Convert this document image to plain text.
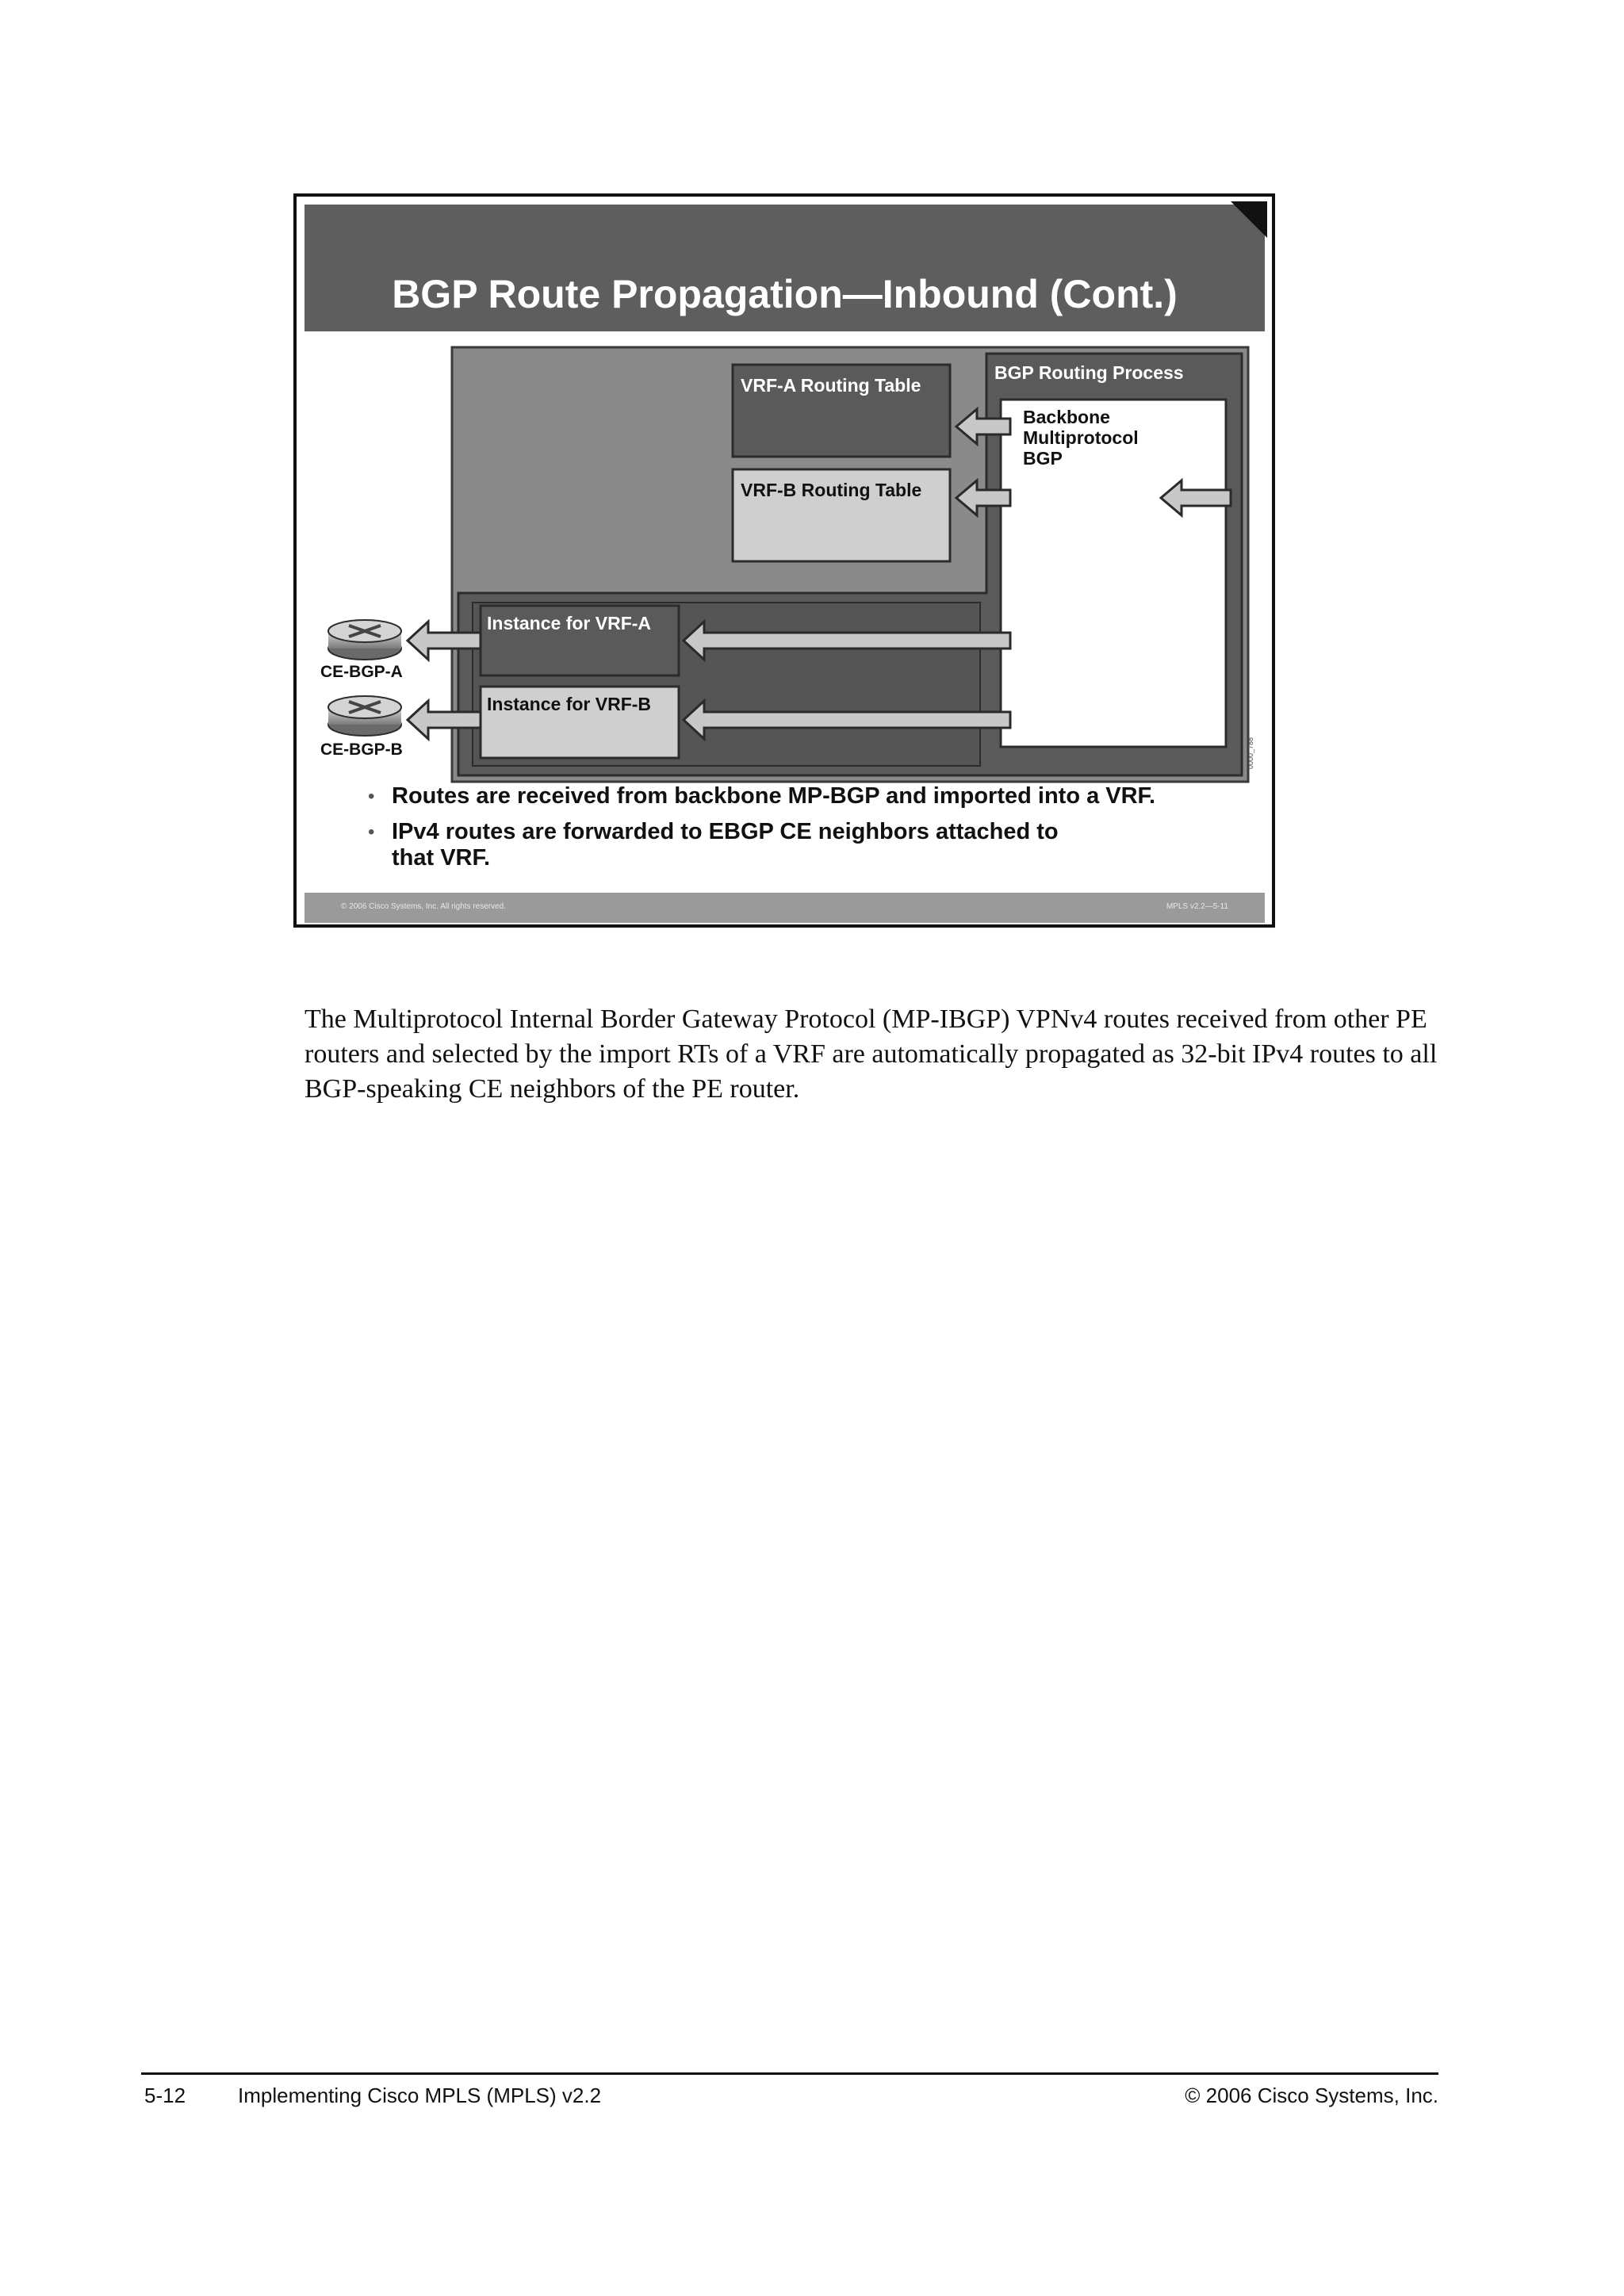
BGP Route Propagation—Inbound (Cont.)
VRF-A Routing Table
VRF-B Routing Table
BGP Routing Process
Backbone
Multiprotocol
BGP
Instance for VRF-A
Instance for VRF-B
CE-BGP-A
CE-BGP-B	0000_788
• Routes are received from backbone MP-BGP and imported into a VRF.
• IPv4 routes are forwarded to EBGP CE neighbors attached to that VRF.
© 2006 Cisco Systems, Inc. All rights reserved.	MPLS v2.2—5-11

The Multiprotocol Internal Border Gateway Protocol (MP-IBGP) VPNv4 routes received from other PE routers and selected by the import RTs of a VRF are automatically propagated as 32-bit IPv4 routes to all BGP-speaking CE neighbors of the PE router.

5-12	Implementing Cisco MPLS (MPLS) v2.2	© 2006 Cisco Systems, Inc.
